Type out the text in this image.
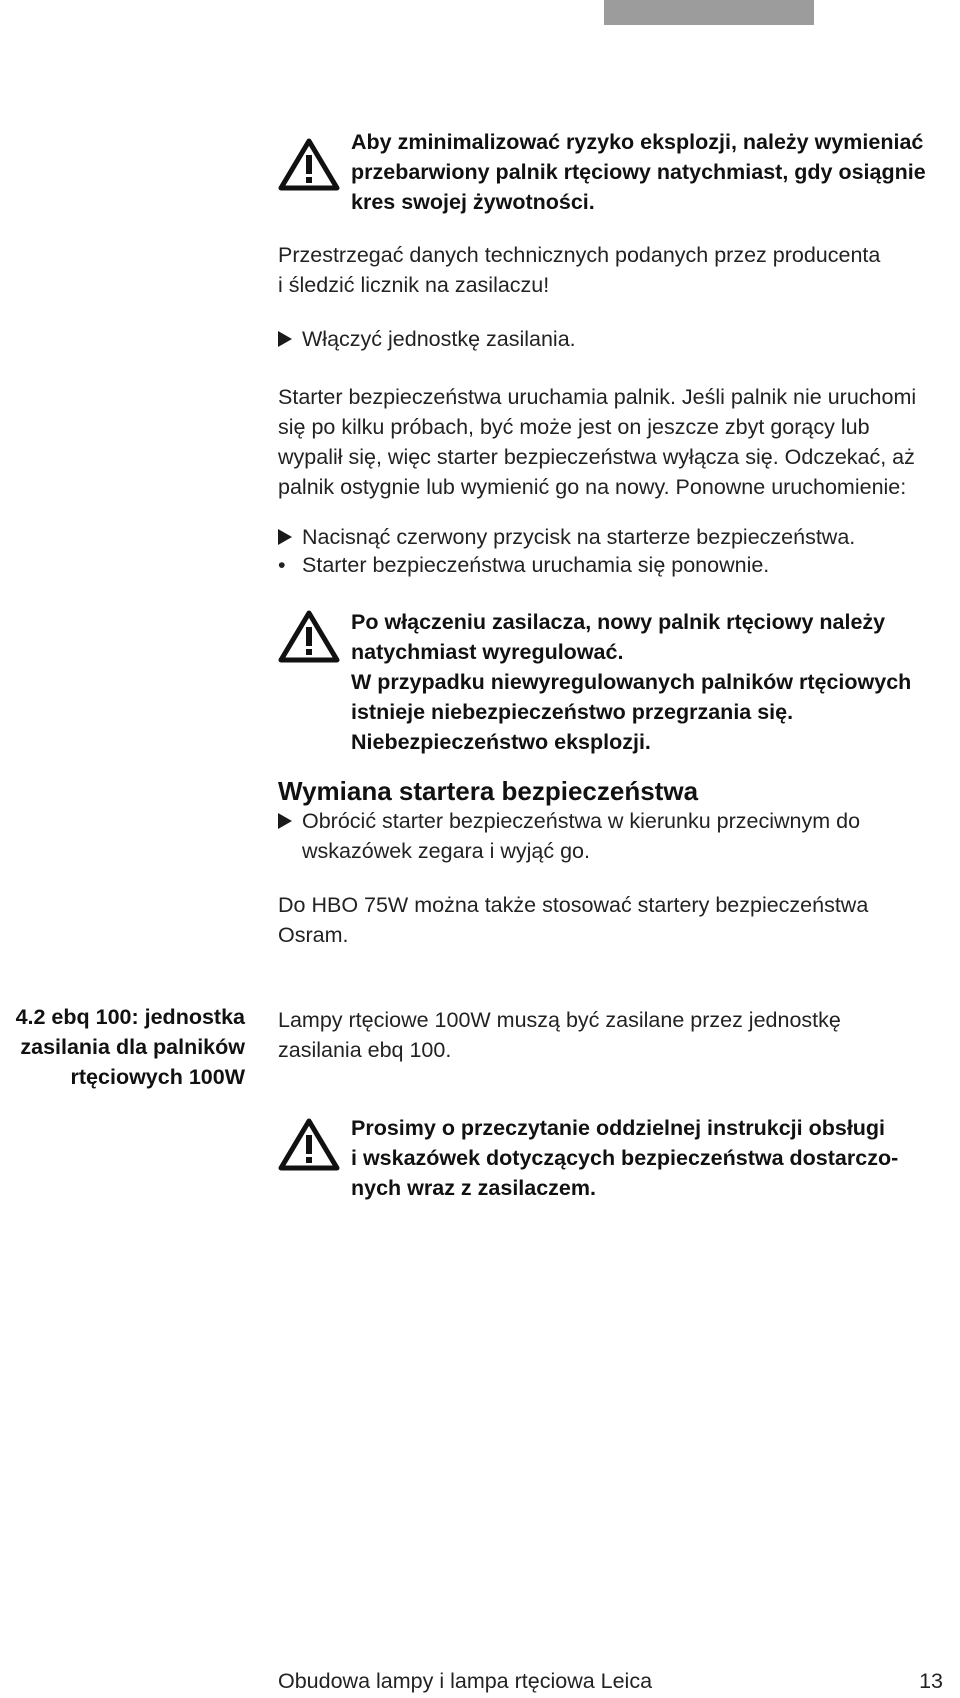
Aby zminimalizować ryzyko eksplozji, należy wymieniać
przebarwiony palnik rtęciowy natychmiast, gdy osiągnie
kres swojej żywotności.
Przestrzegać danych technicznych podanych przez producenta
i śledzić licznik na zasilaczu!
Włączyć jednostkę zasilania.
Starter bezpieczeństwa uruchamia palnik. Jeśli palnik nie uruchomi
się po kilku próbach, być może jest on jeszcze zbyt gorący lub
wypalił się, więc starter bezpieczeństwa wyłącza się. Odczekać, aż
palnik ostygnie lub wymienić go na nowy. Ponowne uruchomienie:
Nacisnąć czerwony przycisk na starterze bezpieczeństwa.
• Starter bezpieczeństwa uruchamia się ponownie.
Po włączeniu zasilacza, nowy palnik rtęciowy należy
natychmiast wyregulować.
W przypadku niewyregulowanych palników rtęciowych
istnieje niebezpieczeństwo przegrzania się.
Niebezpieczeństwo eksplozji.
Wymiana startera bezpieczeństwa
Obrócić starter bezpieczeństwa w kierunku przeciwnym do
wskazówek zegara i wyjąć go.
Do HBO 75W można także stosować startery bezpieczeństwa
Osram.
4.2 ebq 100: jednostka
zasilania dla palników
rtęciowych 100W
Lampy rtęciowe 100W muszą być zasilane przez jednostkę
zasilania ebq 100.
Prosimy o przeczytanie oddzielnej instrukcji obsługi
i wskazówek dotyczących bezpieczeństwa dostarczo-
nych wraz z zasilaczem.
Obudowa lampy i lampa rtęciowa Leica	13
